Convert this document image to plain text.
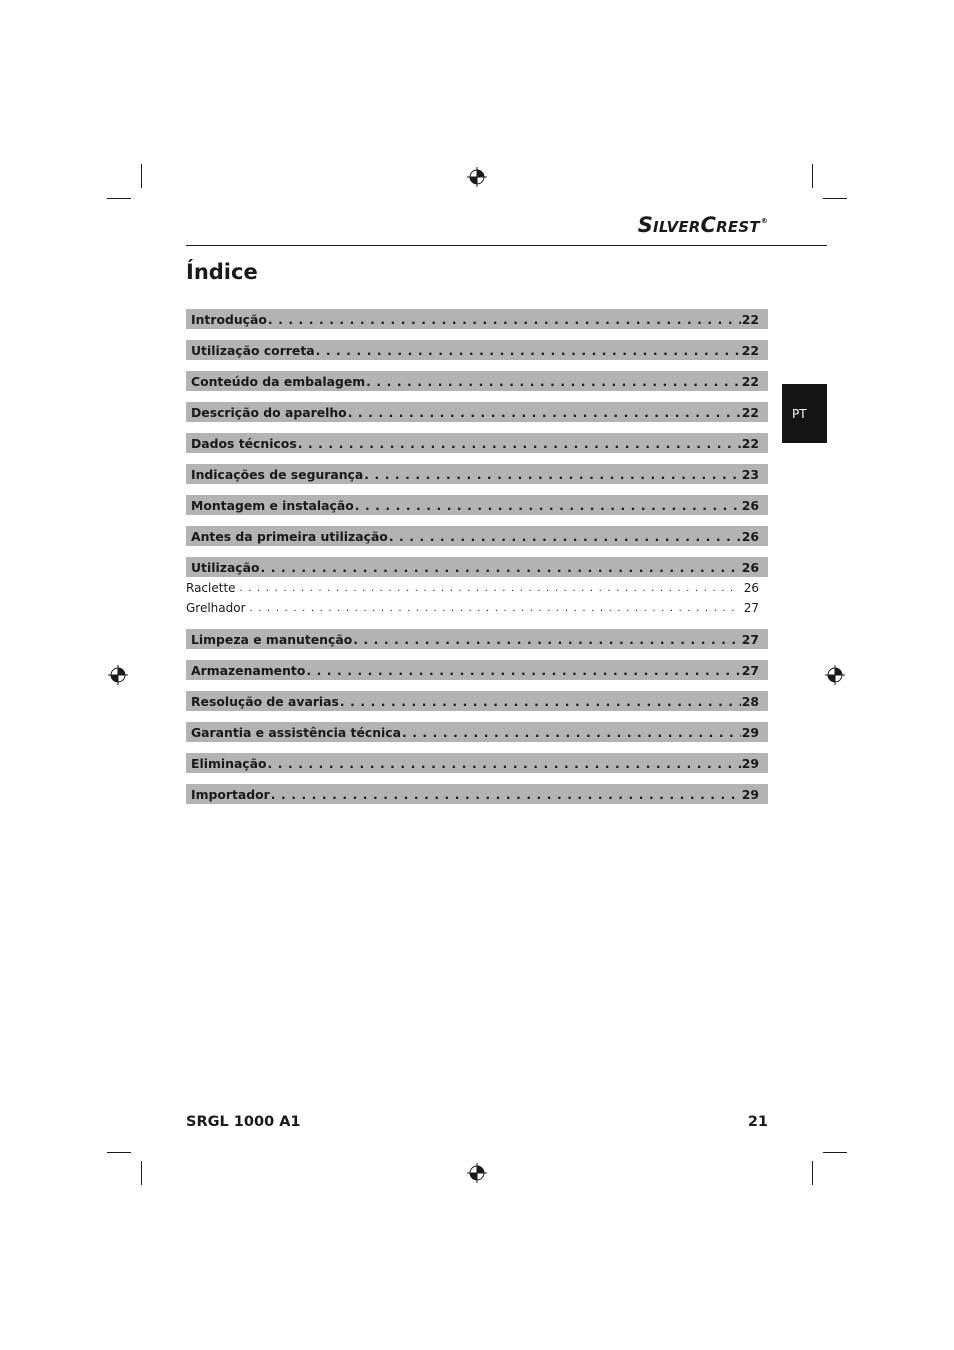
SILVERCREST®
Índice
PT
Introdução . . .	22
Utilização correta . . .	22
Conteúdo da embalagem . . .	22
Descrição do aparelho . . .	22
Dados técnicos . . .	22
Indicações de segurança . . .	23
Montagem e instalação . . .	26
Antes da primeira utilização . . .	26
Utilização . . .	26
Raclette . . .	26
Grelhador . . .	27
Limpeza e manutenção . . .	27
Armazenamento . . .	27
Resolução de avarias . . .	28
Garantia e assistência técnica . . .	29
Eliminação . . .	29
Importador . . .	29
SRGL 1000 A1	21
